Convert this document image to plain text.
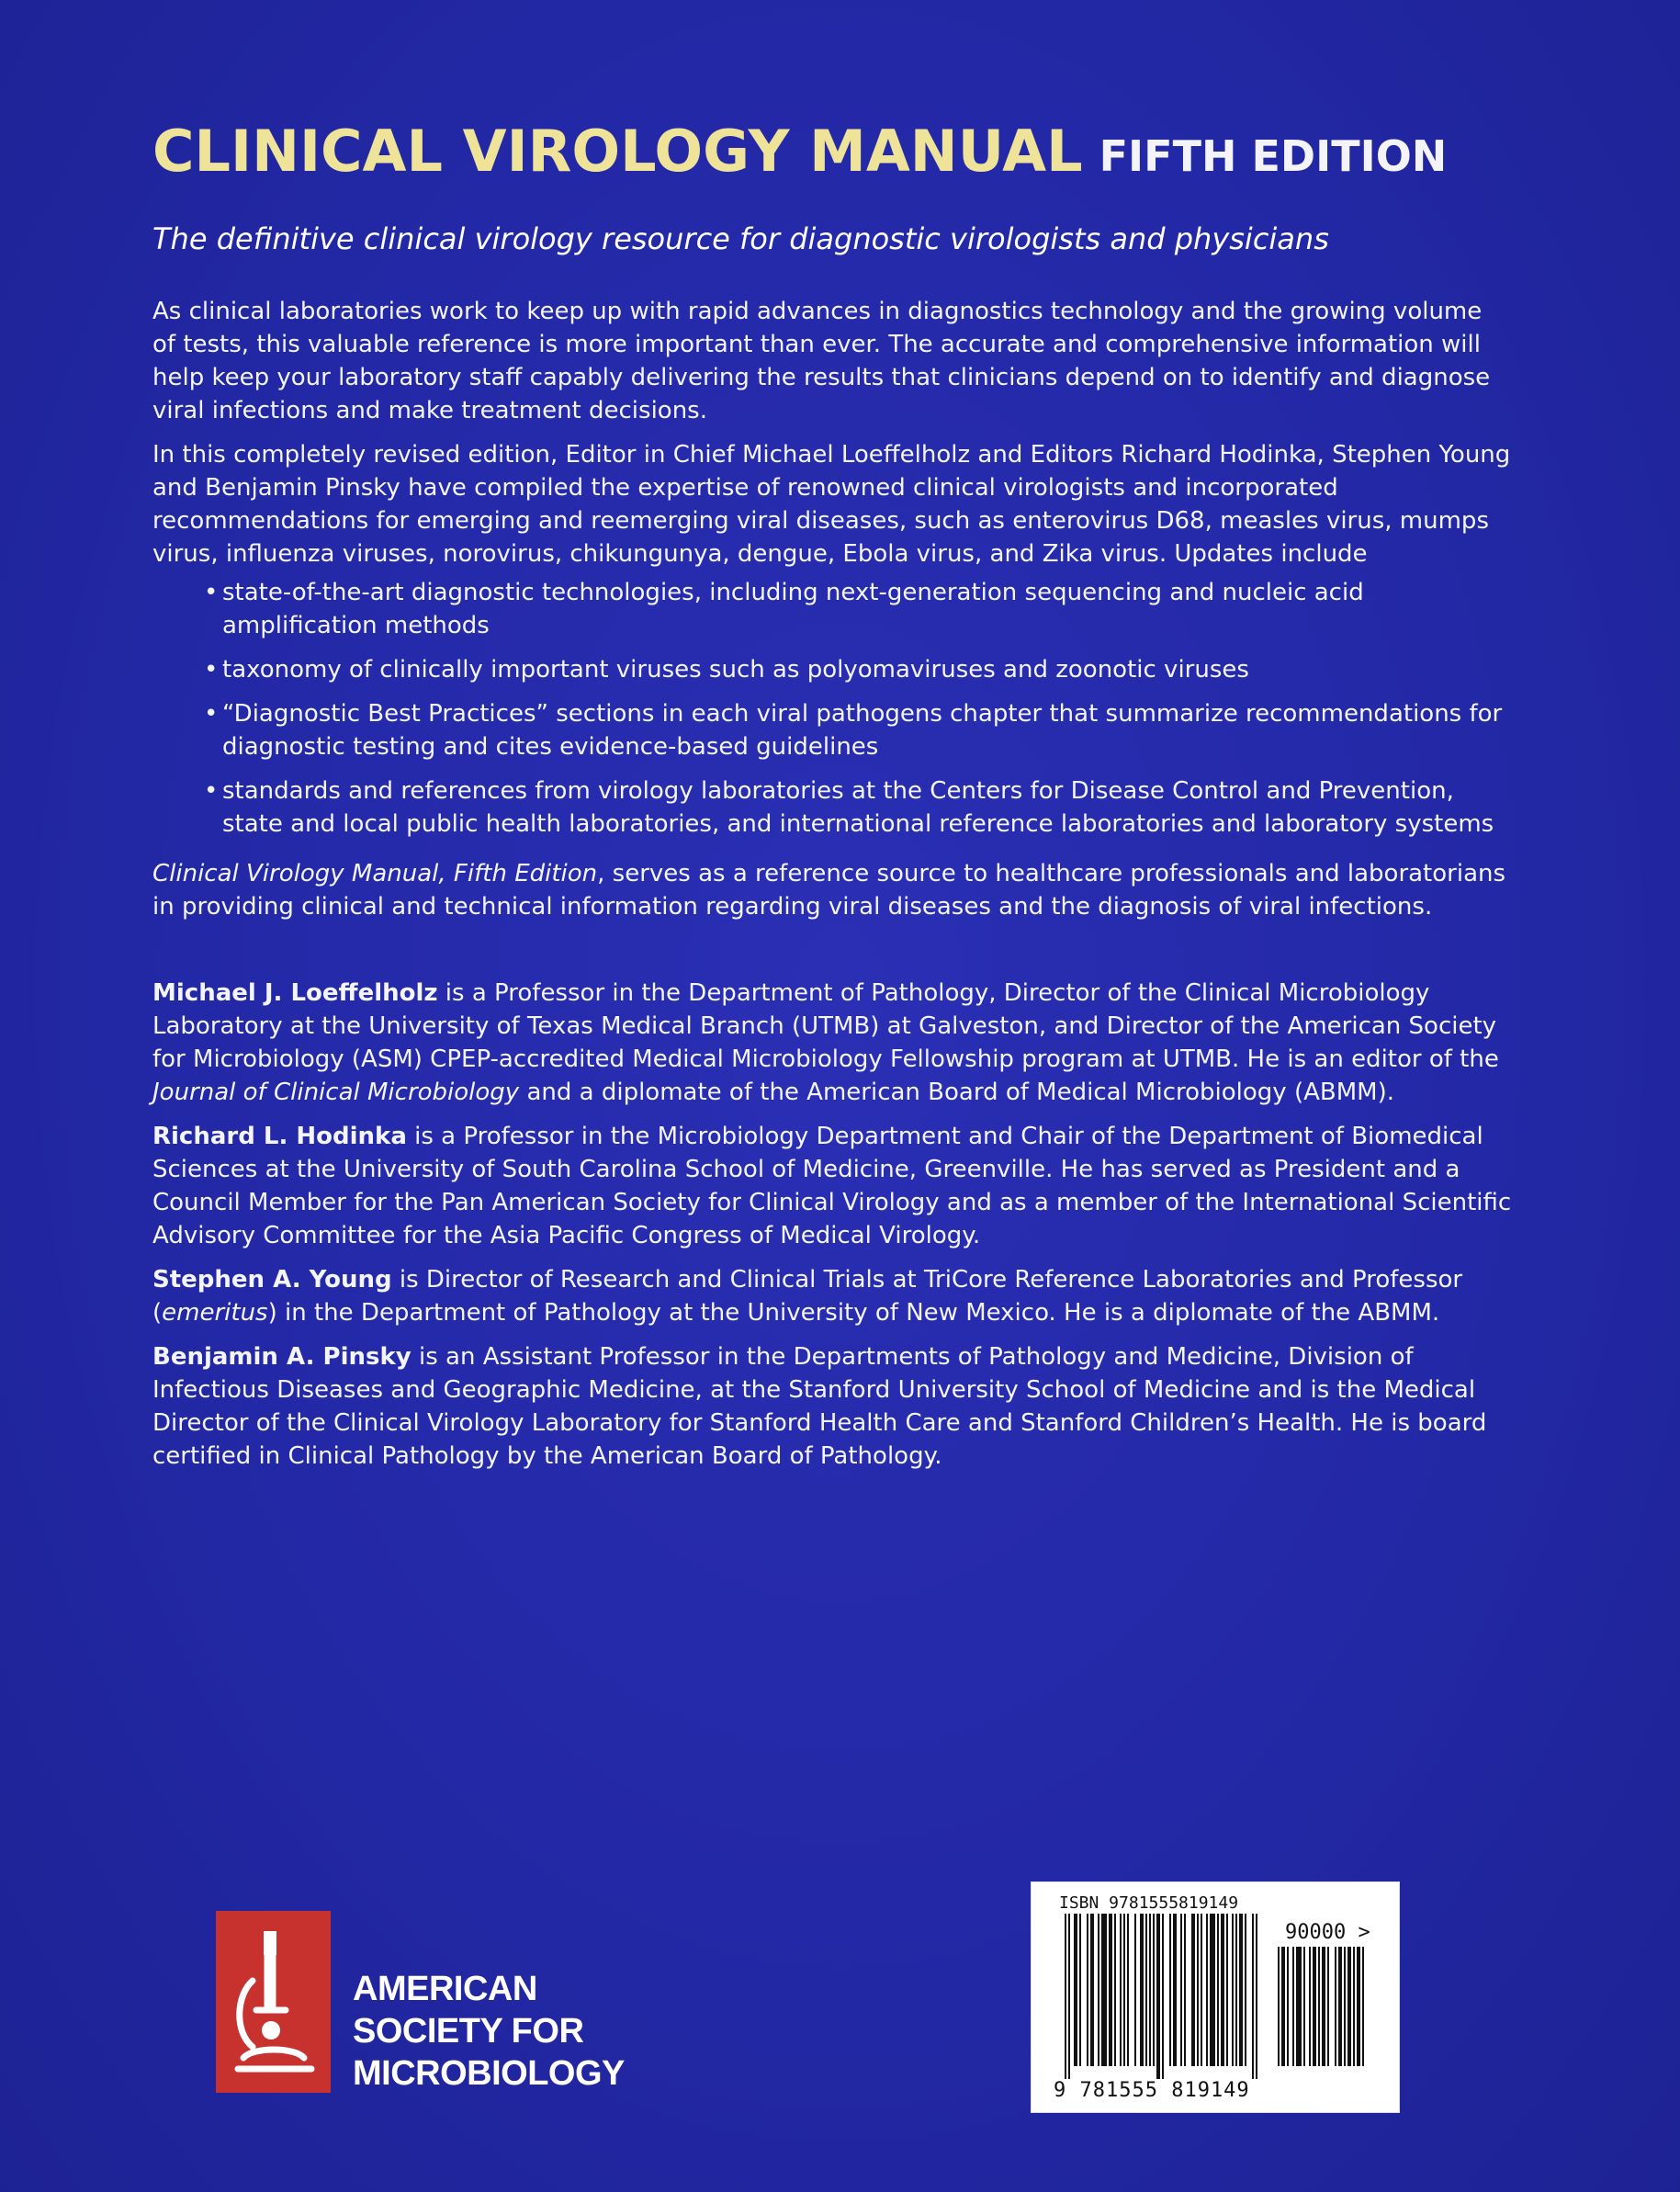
CLINICAL VIROLOGY MANUAL FIFTH EDITION

The definitive clinical virology resource for diagnostic virologists and physicians

As clinical laboratories work to keep up with rapid advances in diagnostics technology and the growing volume of tests, this valuable reference is more important than ever. The accurate and comprehensive information will help keep your laboratory staff capably delivering the results that clinicians depend on to identify and diagnose viral infections and make treatment decisions.

In this completely revised edition, Editor in Chief Michael Loeffelholz and Editors Richard Hodinka, Stephen Young and Benjamin Pinsky have compiled the expertise of renowned clinical virologists and incorporated recommendations for emerging and reemerging viral diseases, such as enterovirus D68, measles virus, mumps virus, influenza viruses, norovirus, chikungunya, dengue, Ebola virus, and Zika virus. Updates include

• state-of-the-art diagnostic technologies, including next-generation sequencing and nucleic acid amplification methods
• taxonomy of clinically important viruses such as polyomaviruses and zoonotic viruses
• “Diagnostic Best Practices” sections in each viral pathogens chapter that summarize recommendations for diagnostic testing and cites evidence-based guidelines
• standards and references from virology laboratories at the Centers for Disease Control and Prevention, state and local public health laboratories, and international reference laboratories and laboratory systems

Clinical Virology Manual, Fifth Edition, serves as a reference source to healthcare professionals and laboratorians in providing clinical and technical information regarding viral diseases and the diagnosis of viral infections.

Michael J. Loeffelholz is a Professor in the Department of Pathology, Director of the Clinical Microbiology Laboratory at the University of Texas Medical Branch (UTMB) at Galveston, and Director of the American Society for Microbiology (ASM) CPEP-accredited Medical Microbiology Fellowship program at UTMB. He is an editor of the Journal of Clinical Microbiology and a diplomate of the American Board of Medical Microbiology (ABMM).

Richard L. Hodinka is a Professor in the Microbiology Department and Chair of the Department of Biomedical Sciences at the University of South Carolina School of Medicine, Greenville. He has served as President and a Council Member for the Pan American Society for Clinical Virology and as a member of the International Scientific Advisory Committee for the Asia Pacific Congress of Medical Virology.

Stephen A. Young is Director of Research and Clinical Trials at TriCore Reference Laboratories and Professor (emeritus) in the Department of Pathology at the University of New Mexico. He is a diplomate of the ABMM.

Benjamin A. Pinsky is an Assistant Professor in the Departments of Pathology and Medicine, Division of Infectious Diseases and Geographic Medicine, at the Stanford University School of Medicine and is the Medical Director of the Clinical Virology Laboratory for Stanford Health Care and Stanford Children’s Health. He is board certified in Clinical Pathology by the American Board of Pathology.

AMERICAN
SOCIETY FOR
MICROBIOLOGY
ISBN 9781555819149
90000 >
9 781555 819149
